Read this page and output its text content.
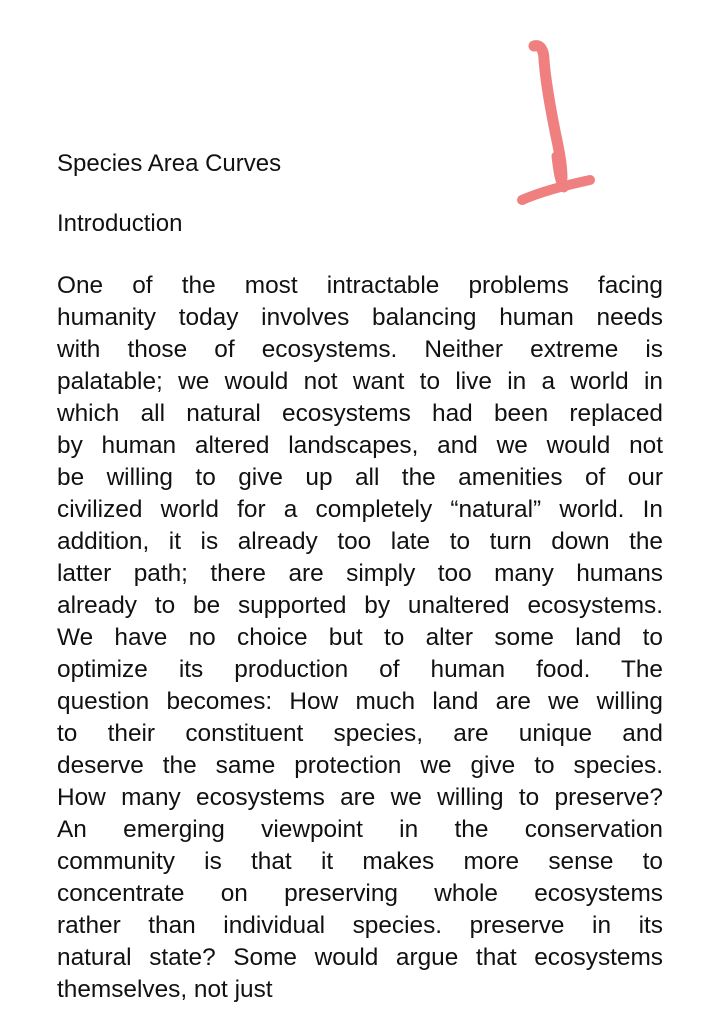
Species Area Curves
Introduction
One of the most intractable problems facing
humanity today involves balancing human needs
with those of ecosystems. Neither extreme is
palatable; we would not want to live in a world in
which all natural ecosystems had been replaced
by human altered landscapes, and we would not
be willing to give up all the amenities of our
civilized world for a completely “natural” world. In
addition, it is already too late to turn down the
latter path; there are simply too many humans
already to be supported by unaltered ecosystems.
We have no choice but to alter some land to
optimize its production of human food. The
question becomes: How much land are we willing
to their constituent species, are unique and
deserve the same protection we give to species.
How many ecosystems are we willing to preserve?
An emerging viewpoint in the conservation
community is that it makes more sense to
concentrate on preserving whole ecosystems
rather than individual species. preserve in its
natural state? Some would argue that ecosystems
themselves, not just
